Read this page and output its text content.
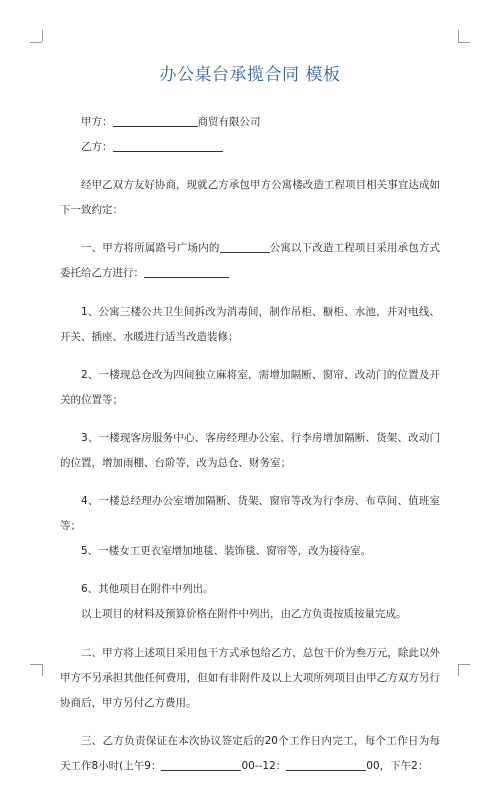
办公桌台承揽合同 模板

甲方：	商贸有限公司

乙方：

经甲乙双方友好协商，现就乙方承包甲方公寓楼改造工程项目相关事宜达成如下一致约定：

一、甲方将所属路号广场内的	公寓以下改造工程项目采用承包方式委托给乙方进行：

1、公寓三楼公共卫生间拆改为消毒间，制作吊柜、橱柜、水池，并对电线、开关、插座、水暖进行适当改造装修；

2、一楼现总仓改为四间独立麻将室，需增加隔断、窗帘、改动门的位置及开关的位置等；

3、一楼现客房服务中心、客房经理办公室、行李房增加隔断、货架、改动门的位置，增加雨棚、台阶等，改为总仓、财务室；

4、一楼总经理办公室增加隔断、货架、窗帘等改为行李房、布草间、值班室等；

5、一楼女工更衣室增加地毯、装饰毯、窗帘等，改为接待室。

6、其他项目在附件中列出。

以上项目的材料及预算价格在附件中列出，由乙方负责按质按量完成。

二、甲方将上述项目采用包干方式承包给乙方，总包干价为叁万元，除此以外甲方不另承担其他任何费用，但如有非附件及以上大项所列项目由甲乙方双方另行协商后，甲方另付乙方费用。

三、乙方负责保证在本次协议签定后的20个工作日内完工，每个工作日为每天工作8小时(上午9：	00--12：	00，下午2：
